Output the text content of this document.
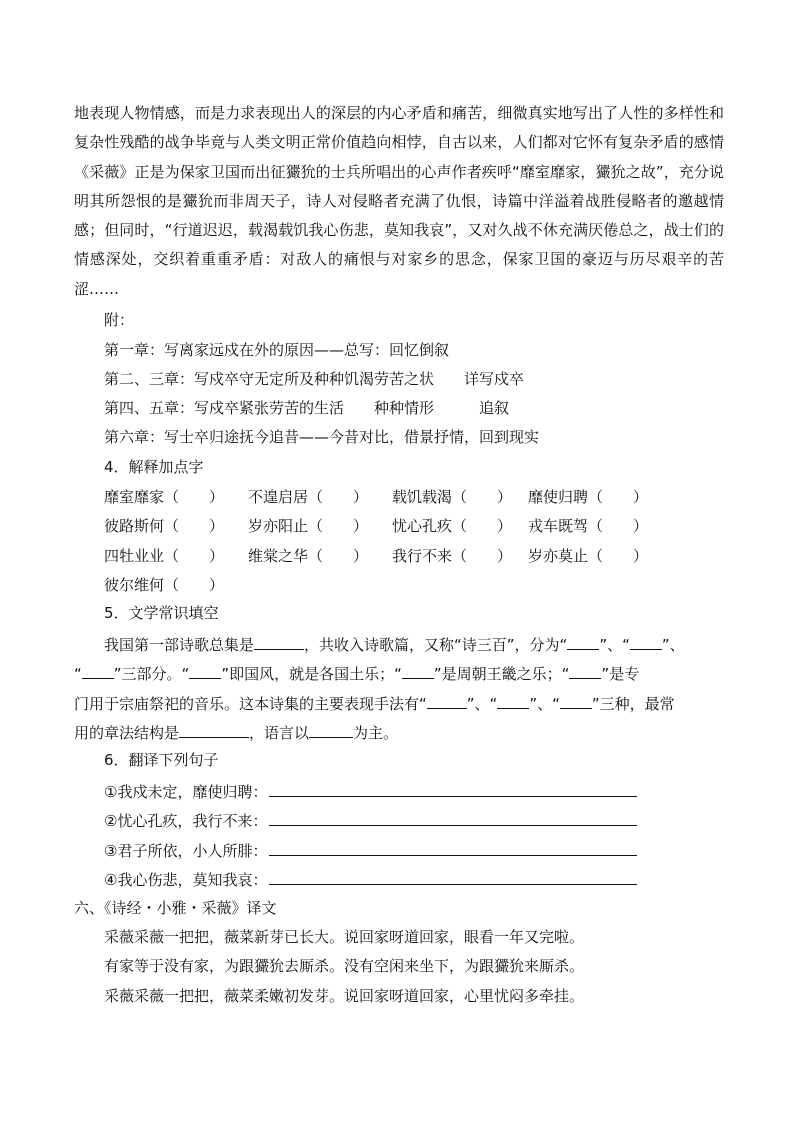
地表现人物情感，而是力求表现出人的深层的内心矛盾和痛苦，细微真实地写出了人性的多样性和复杂性残酷的战争毕竟与人类文明正常价值趋向相悖，自古以来，人们都对它怀有复杂矛盾的感情《采薇》正是为保家卫国而出征玁狁的士兵所唱出的心声作者疾呼“靡室靡家，玁狁之故”，充分说明其所怨恨的是玁狁而非周天子，诗人对侵略者充满了仇恨，诗篇中洋溢着战胜侵略者的邀越情感；但同时，“行道迟迟，载渴载饥我心伤悲，莫知我哀”，又对久战不休充满厌倦总之，战士们的情感深处，交织着重重矛盾：对敌人的痛恨与对家乡的思念，保家卫国的豪迈与历尽艰辛的苦涩……
附：
第一章：写离家远戍在外的原因——总写：回忆倒叙
第二、三章：写戍卒守无定所及种种饥渴劳苦之状　　详写戍卒
第四、五章：写戍卒紧张劳苦的生活　　种种情形　　　追叙
第六章：写士卒归途抚今追昔——今昔对比，借景抒情，回到现实
4．解释加点字
靡室靡家（　　） 不遑启居（　　） 载饥载渴（　　） 靡使归聘（　　）
彼路斯何（　　） 岁亦阳止（　　） 忧心孔疚（　　） 戎车既驾（　　）
四牡业业（　　） 维棠之华（　　） 我行不来（　　） 岁亦莫止（　　）
彼尔维何（　　）
5．文学常识填空
我国第一部诗歌总集是	，共收入诗歌篇，又称“诗三百”，分为“ ”、“ ”、
“ ”三部分。“ ”即国风，就是各国土乐；“ ”是周朝王畿之乐；“ ”是专
门用于宗庙祭祀的音乐。这本诗集的主要表现手法有“	”、“ ”、“ ”三种，最常
用的章法结构是	，语言以	为主。
6．翻译下列句子
①我戍未定，靡使归聘：
②忧心孔疚，我行不来：
③君子所依，小人所腓：
④我心伤悲，莫知我哀：
六、《诗经・小雅・采薇》译文
采薇采薇一把把，薇菜新芽已长大。说回家呀道回家，眼看一年又完啦。
有家等于没有家，为跟玁狁去厮杀。没有空闲来坐下，为跟玁狁来厮杀。
采薇采薇一把把，薇菜柔嫩初发芽。说回家呀道回家，心里忧闷多牵挂。
